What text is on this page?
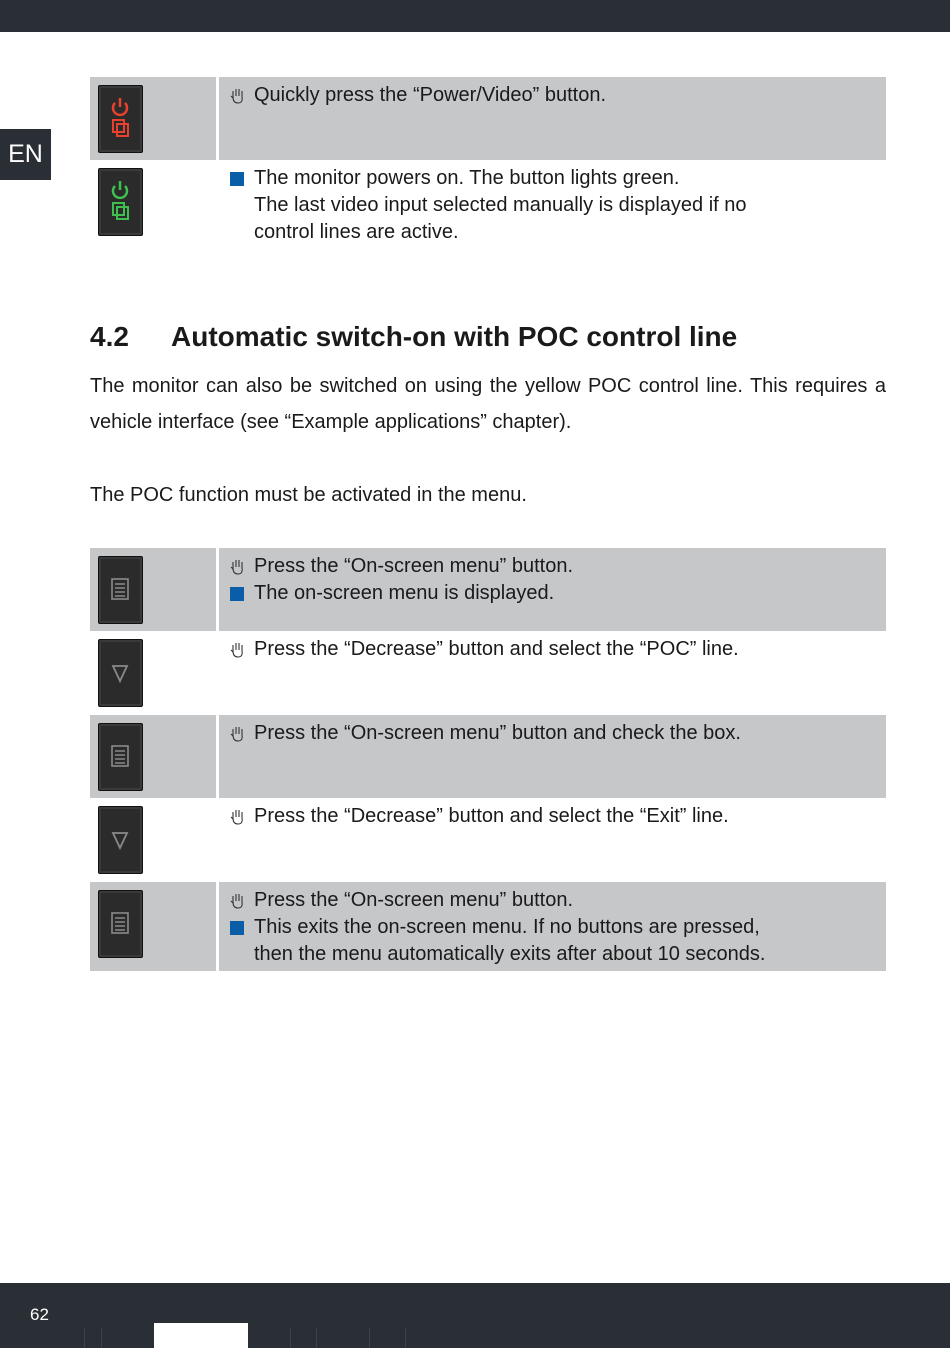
EN
Quickly press the “Power/Video” button.
The monitor powers on. The button lights green.
The last video input selected manually is displayed if no
control lines are active.
4.2 Automatic switch-on with POC control line
The monitor can also be switched on using the yellow POC control line. This requires a vehicle interface (see “Example applications” chapter).
The POC function must be activated in the menu.
Press the “On-screen menu” button.
The on-screen menu is displayed.
Press the “Decrease” button and select the “POC” line.
Press the “On-screen menu” button and check the box.
Press the “Decrease” button and select the “Exit” line.
Press the “On-screen menu” button.
This exits the on-screen menu. If no buttons are pressed,
then the menu automatically exits after about 10 seconds.
62
